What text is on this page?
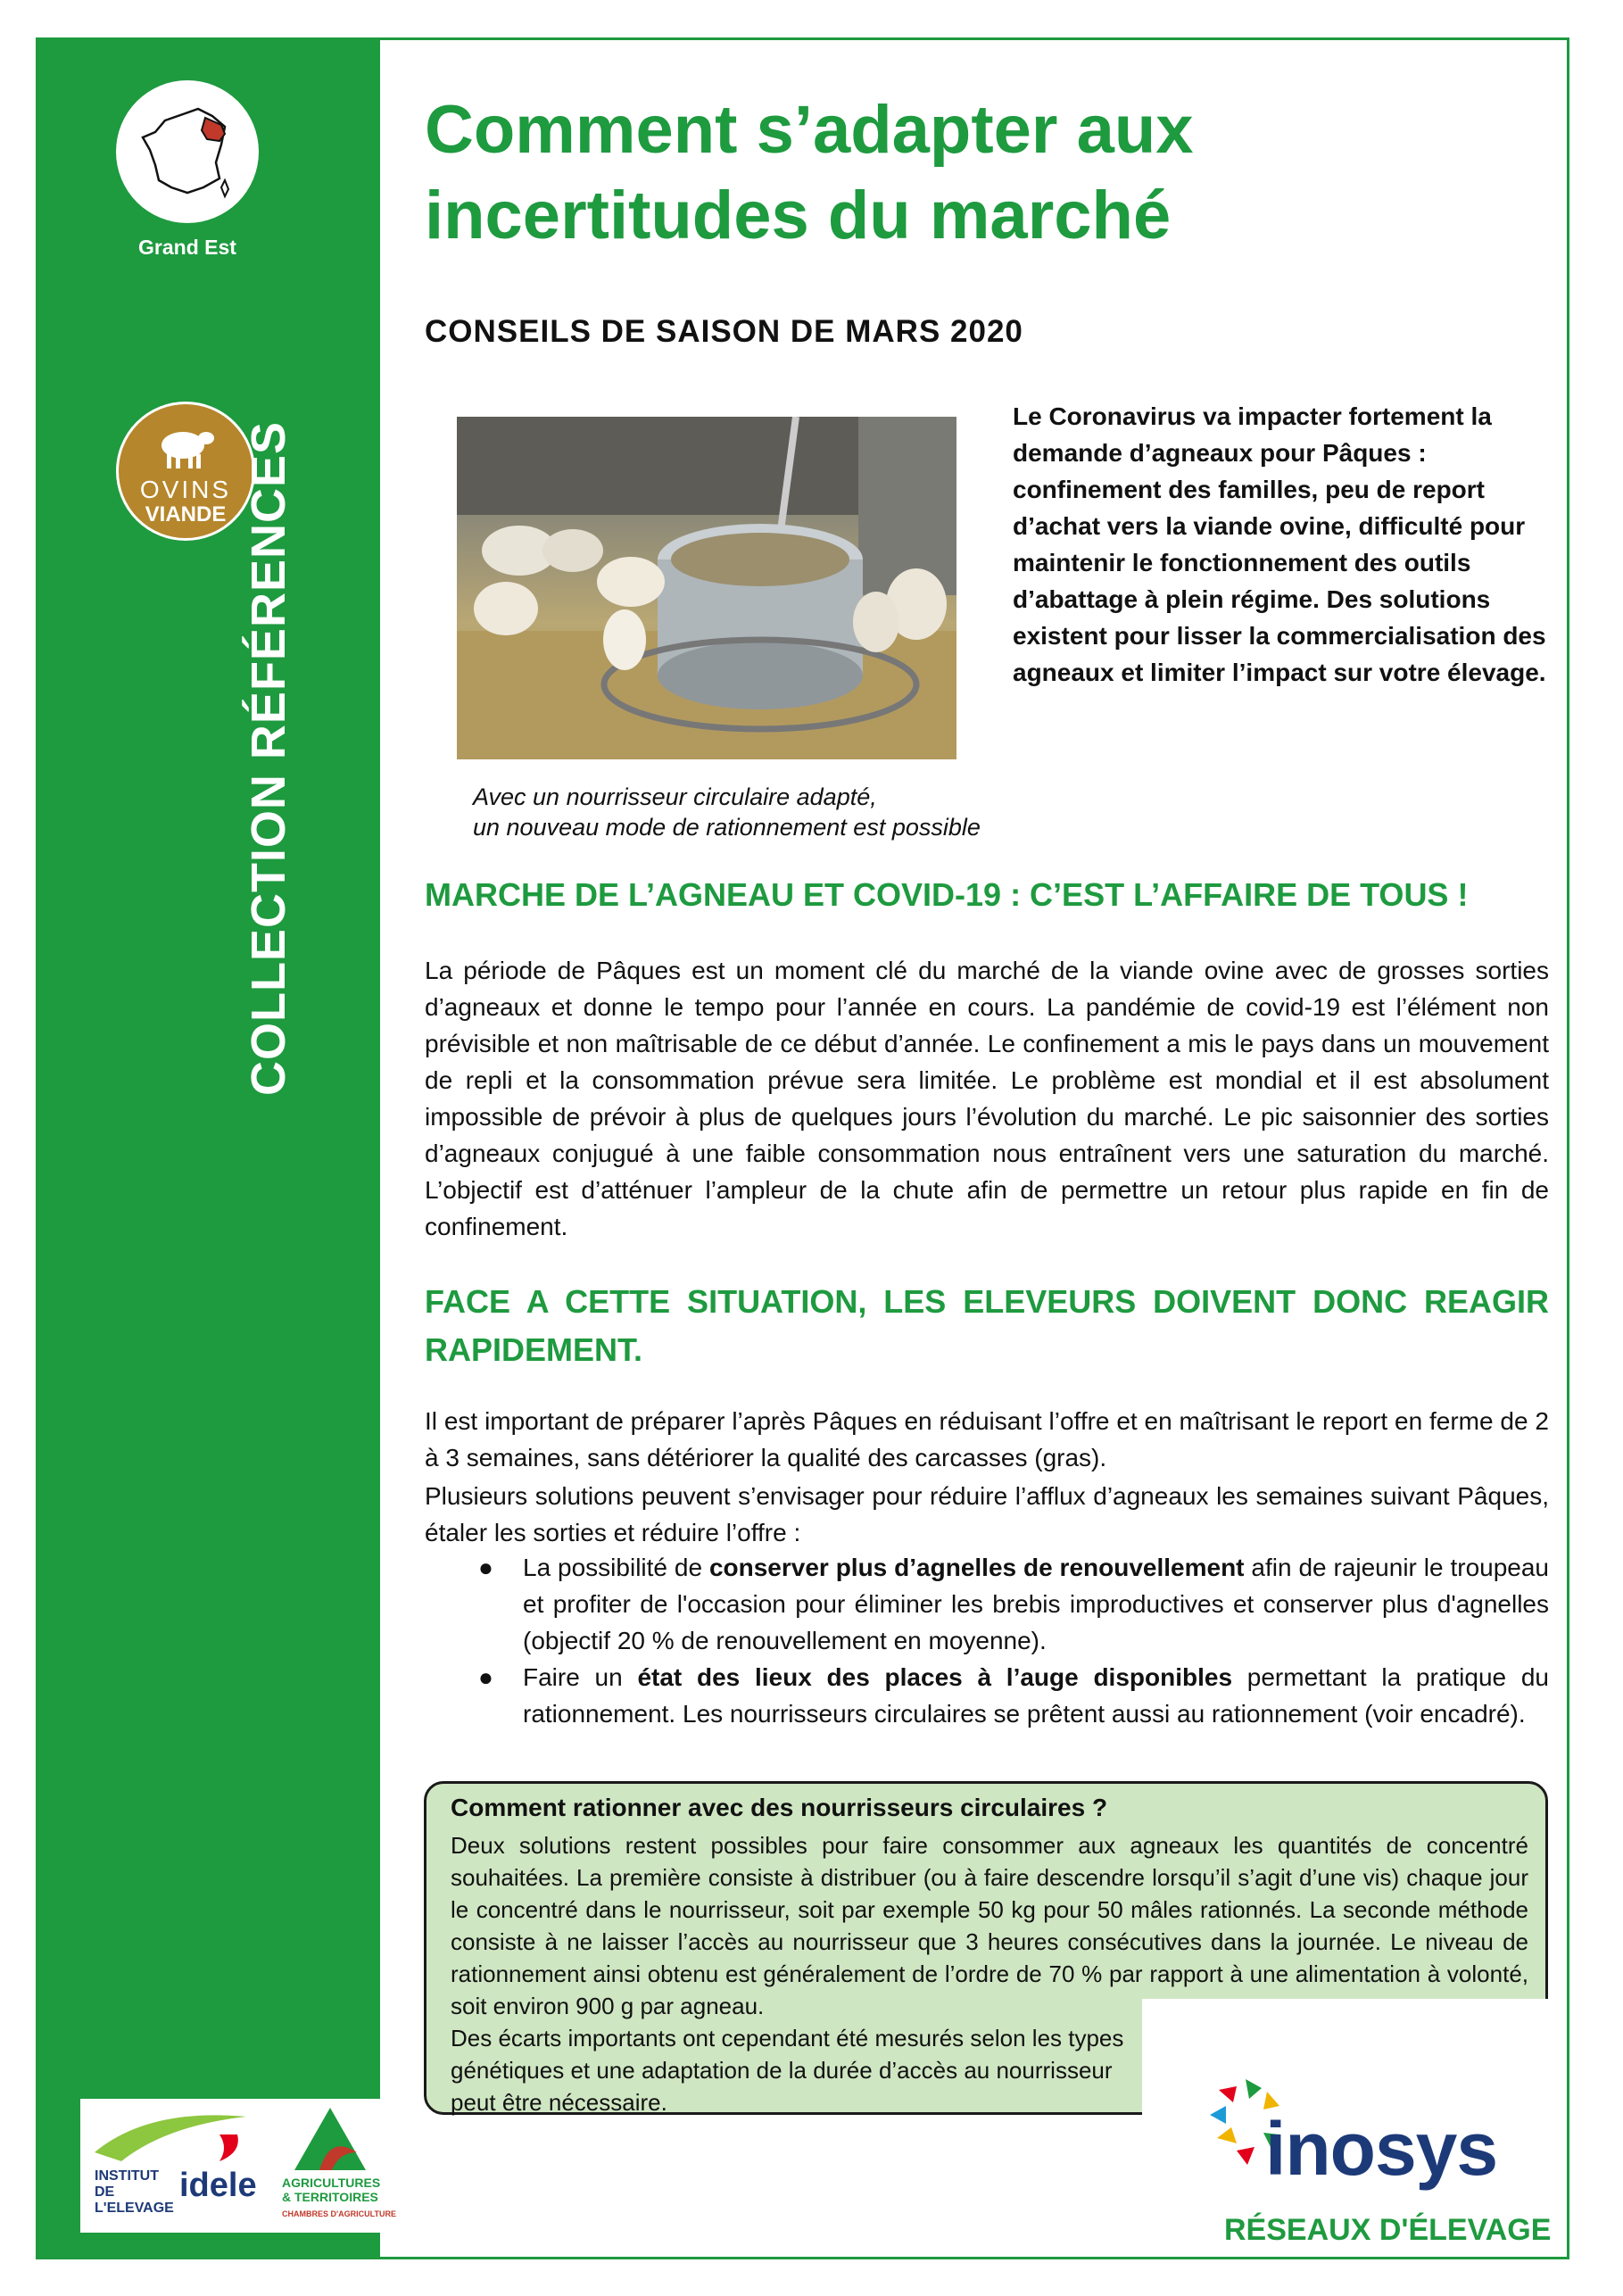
Grand Est
OVINS
VIANDE COLLECTION RÉFÉRENCES
INSTITUT DE
L'ELEVAGE
idele AGRICULTURES
& TERRITOIRES
CHAMBRES D'AGRICULTURE
Comment s’adapter aux
incertitudes du marché
CONSEILS DE SAISON DE MARS 2020
Avec un nourrisseur circulaire adapté,
un nouveau mode de rationnement est possible
Le Coronavirus va impacter fortement la demande d’agneaux pour Pâques : confinement des familles, peu de report d’achat vers la viande ovine, difficulté pour maintenir le fonctionnement des outils d’abattage à plein régime. Des solutions existent pour lisser la commercialisation des agneaux et limiter l’impact sur votre élevage.
MARCHE DE L’AGNEAU ET COVID-19 : C’EST L’AFFAIRE DE TOUS !
La période de Pâques est un moment clé du marché de la viande ovine avec de grosses sorties d’agneaux et donne le tempo pour l’année en cours. La pandémie de covid-19 est l’élément non prévisible et non maîtrisable de ce début d’année. Le confinement a mis le pays dans un mouvement de repli et la consommation prévue sera limitée. Le problème est mondial et il est absolument impossible de prévoir à plus de quelques jours l’évolution du marché. Le pic saisonnier des sorties d’agneaux conjugué à une faible consommation nous entraînent vers une saturation du marché. L’objectif est d’atténuer l’ampleur de la chute afin de permettre un retour plus rapide en fin de confinement.
FACE A CETTE SITUATION, LES ELEVEURS DOIVENT DONC REAGIR RAPIDEMENT.
Il est important de préparer l’après Pâques en réduisant l’offre et en maîtrisant le report en ferme de 2 à 3 semaines, sans détériorer la qualité des carcasses (gras).
Plusieurs solutions peuvent s’envisager pour réduire l’afflux d’agneaux les semaines suivant Pâques, étaler les sorties et réduire l’offre :
● La possibilité de conserver plus d’agnelles de renouvellement afin de rajeunir le troupeau et profiter de l'occasion pour éliminer les brebis improductives et conserver plus d'agnelles (objectif 20 % de renouvellement en moyenne).
● Faire un état des lieux des places à l’auge disponibles permettant la pratique du rationnement. Les nourrisseurs circulaires se prêtent aussi au rationnement (voir encadré).
Comment rationner avec des nourrisseurs circulaires ?
Deux solutions restent possibles pour faire consommer aux agneaux les quantités de concentré souhaitées. La première consiste à distribuer (ou à faire descendre lorsqu’il s’agit d’une vis) chaque jour le concentré dans le nourrisseur, soit par exemple 50 kg pour 50 mâles rationnés. La seconde méthode consiste à ne laisser l’accès au nourrisseur que 3 heures consécutives dans la journée. Le niveau de rationnement ainsi obtenu est généralement de l’ordre de 70 % par rapport à une alimentation à volonté, soit environ 900 g par agneau.
Des écarts importants ont cependant été mesurés selon les types génétiques et une adaptation de la durée d’accès au nourrisseur peut être nécessaire.
inosys
RÉSEAUX D'ÉLEVAGE
